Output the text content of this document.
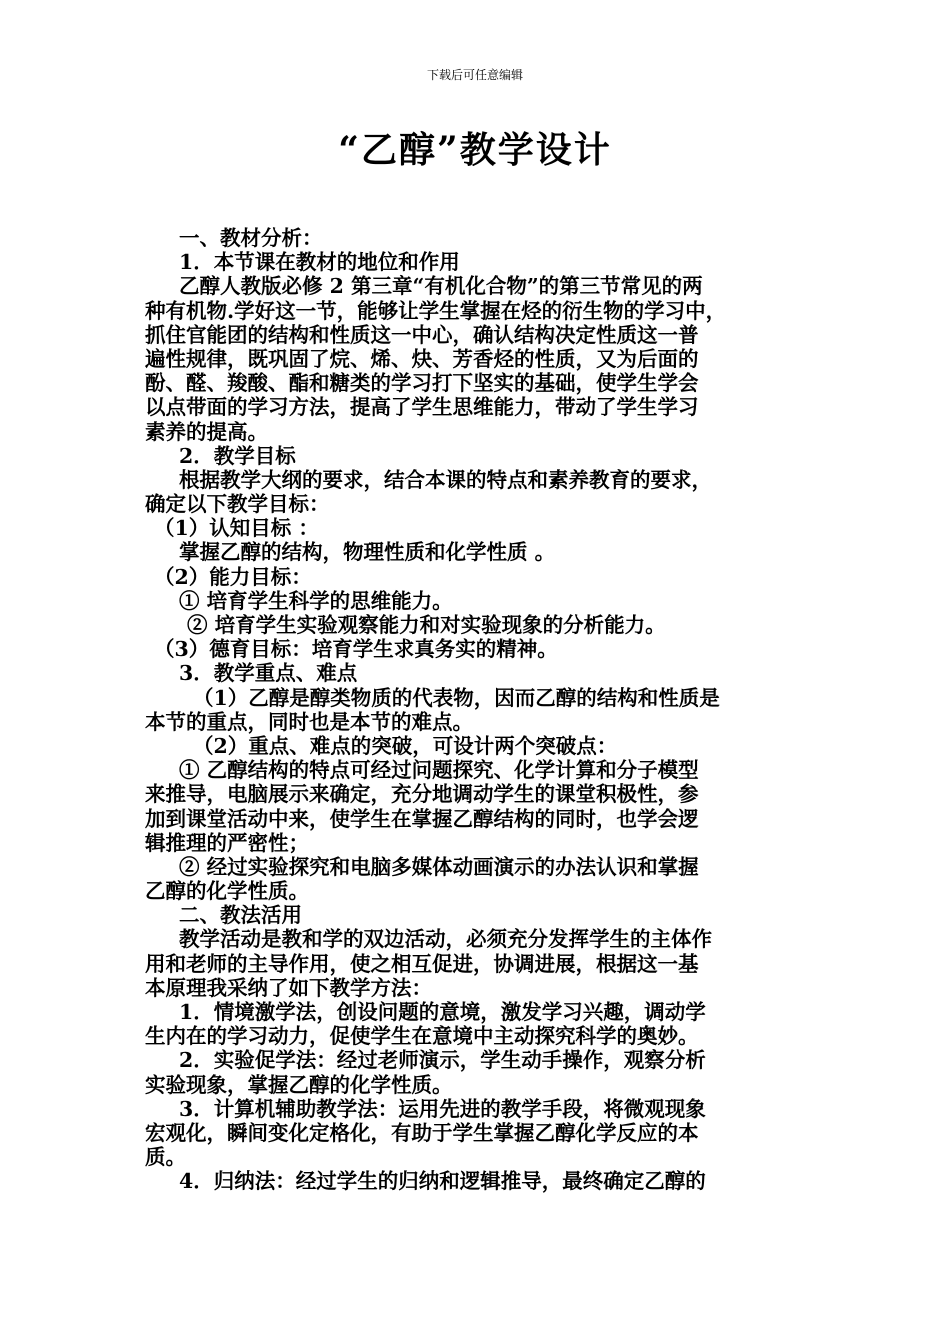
下载后可任意编辑
“乙醇”教学设计
一、教材分析：
1．本节课在教材的地位和作用
乙醇人教版必修 2 第三章“有机化合物”的第三节常见的两
种有机物.学好这一节，能够让学生掌握在烃的衍生物的学习中，
抓住官能团的结构和性质这一中心，确认结构决定性质这一普
遍性规律，既巩固了烷、烯、炔、芳香烃的性质，又为后面的
酚、醛、羧酸、酯和糖类的学习打下坚实的基础，使学生学会
以点带面的学习方法，提高了学生思维能力，带动了学生学习
素养的提高。
2．教学目标
根据教学大纲的要求，结合本课的特点和素养教育的要求，
确定以下教学目标：
（1）认知目标 ：
掌握乙醇的结构，物理性质和化学性质 。
（2）能力目标：
① 培育学生科学的思维能力。
② 培育学生实验观察能力和对实验现象的分析能力。
（3）德育目标：培育学生求真务实的精神。
3．教学重点、难点
（1）乙醇是醇类物质的代表物，因而乙醇的结构和性质是
本节的重点，同时也是本节的难点。
（2）重点、难点的突破，可设计两个突破点：
① 乙醇结构的特点可经过问题探究、化学计算和分子模型
来推导，电脑展示来确定，充分地调动学生的课堂积极性，参
加到课堂活动中来，使学生在掌握乙醇结构的同时，也学会逻
辑推理的严密性；
② 经过实验探究和电脑多媒体动画演示的办法认识和掌握
乙醇的化学性质。
二、教法活用
教学活动是教和学的双边活动，必须充分发挥学生的主体作
用和老师的主导作用，使之相互促进，协调进展，根据这一基
本原理我采纳了如下教学方法：
1．情境激学法，创设问题的意境，激发学习兴趣，调动学
生内在的学习动力，促使学生在意境中主动探究科学的奥妙。
2．实验促学法：经过老师演示，学生动手操作，观察分析
实验现象，掌握乙醇的化学性质。
3．计算机辅助教学法：运用先进的教学手段，将微观现象
宏观化，瞬间变化定格化，有助于学生掌握乙醇化学反应的本
质。
4．归纳法：经过学生的归纳和逻辑推导，最终确定乙醇的
